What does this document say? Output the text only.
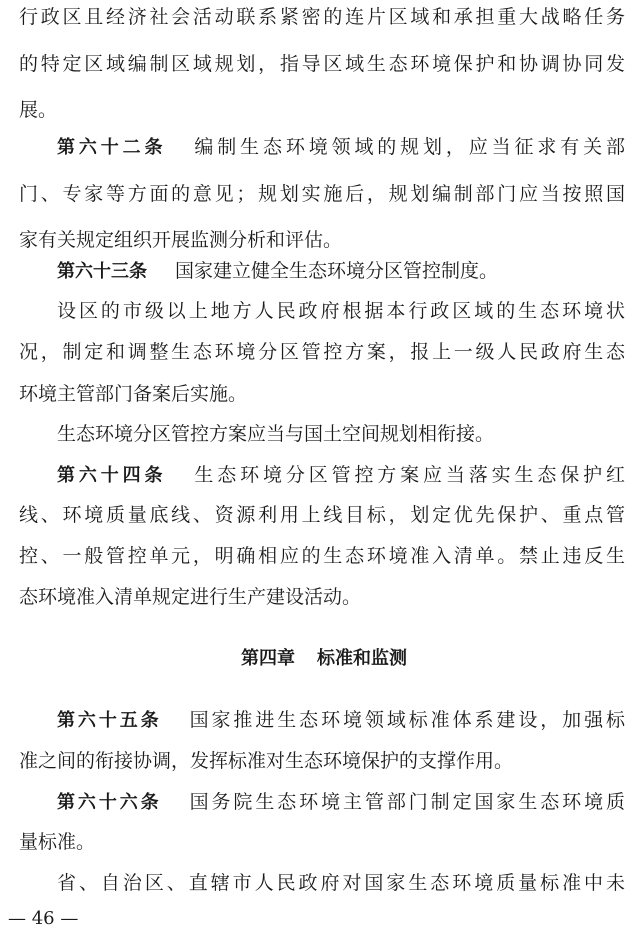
行政区且经济社会活动联系紧密的连片区域和承担重大战略任务
的特定区域编制区域规划，指导区域生态环境保护和协调协同发
展。
第六十二条 编制生态环境领域的规划，应当征求有关部
门、专家等方面的意见；规划实施后，规划编制部门应当按照国
家有关规定组织开展监测分析和评估。
第六十三条 国家建立健全生态环境分区管控制度。
设区的市级以上地方人民政府根据本行政区域的生态环境状
况，制定和调整生态环境分区管控方案，报上一级人民政府生态
环境主管部门备案后实施。
生态环境分区管控方案应当与国土空间规划相衔接。
第六十四条 生态环境分区管控方案应当落实生态保护红
线、环境质量底线、资源利用上线目标，划定优先保护、重点管
控、一般管控单元，明确相应的生态环境准入清单。禁止违反生
态环境准入清单规定进行生产建设活动。
第四章 标准和监测
第六十五条 国家推进生态环境领域标准体系建设，加强标
准之间的衔接协调，发挥标准对生态环境保护的支撑作用。
第六十六条 国务院生态环境主管部门制定国家生态环境质
量标准。
省、自治区、直辖市人民政府对国家生态环境质量标准中未
— 46 —
